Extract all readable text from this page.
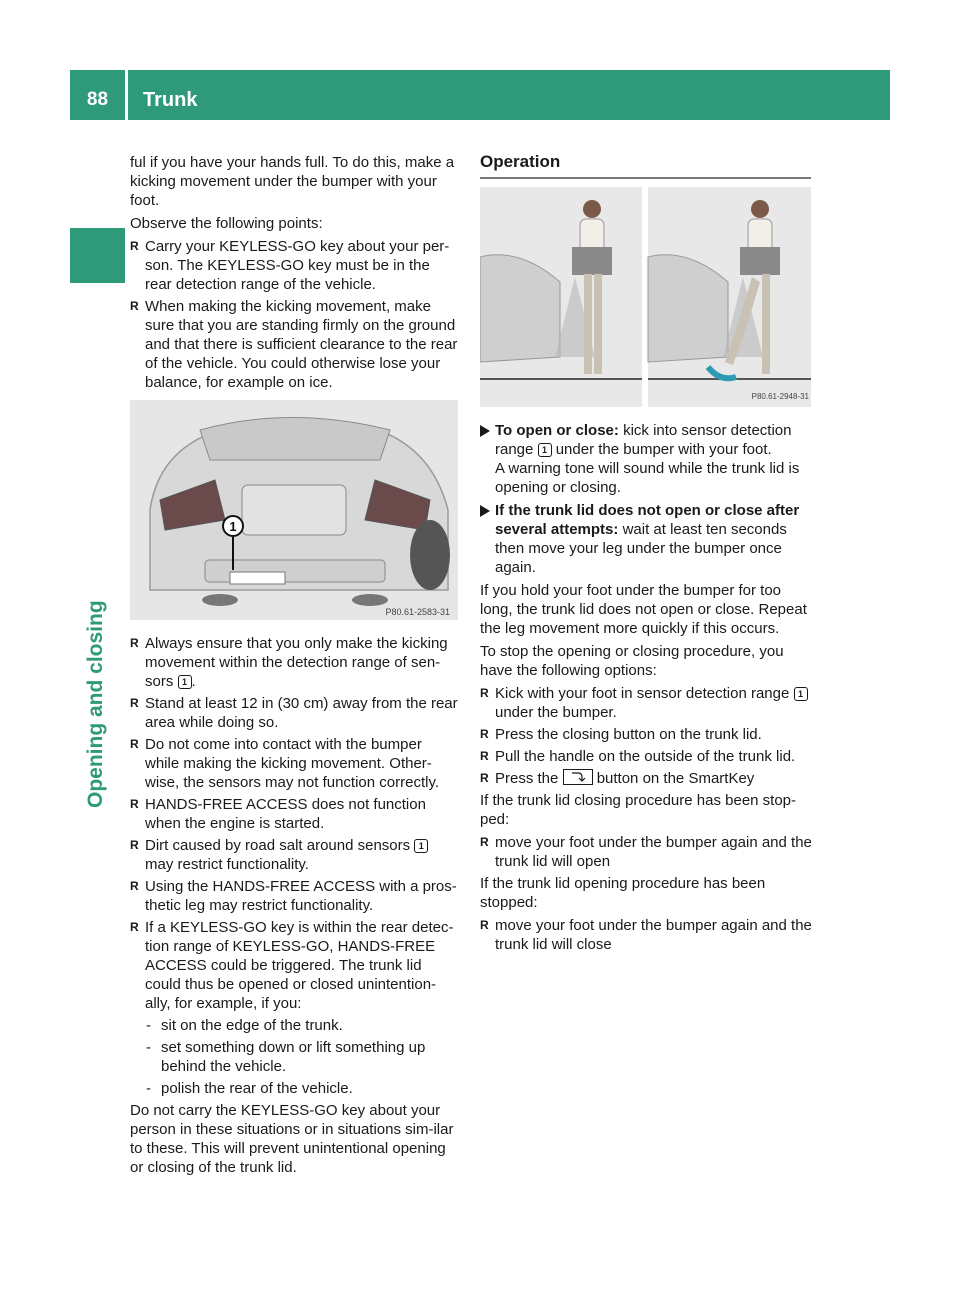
88	Trunk
Opening and closing

ful if you have your hands full. To do this, make a kicking movement under the bumper with your foot.

Observe the following points:

R Carry your KEYLESS-GO key about your per-son. The KEYLESS-GO key must be in the rear detection range of the vehicle.
R When making the kicking movement, make sure that you are standing firmly on the ground and that there is sufficient clearance to the rear of the vehicle. You could otherwise lose your balance, for example on ice.
1
P80.61-2583-31
R Always ensure that you only make the kicking movement within the detection range of sen-sors 1 .
R Stand at least 12 in (30 cm) away from the rear area while doing so.
R Do not come into contact with the bumper while making the kicking movement. Other-wise, the sensors may not function correctly.
R HANDS-FREE ACCESS does not function when the engine is started.
R Dirt caused by road salt around sensors 1 may restrict functionality.
R Using the HANDS-FREE ACCESS with a pros-thetic leg may restrict functionality.
R If a KEYLESS-GO key is within the rear detec-tion range of KEYLESS-GO, HANDS-FREE ACCESS could be triggered. The trunk lid could thus be opened or closed unintention-ally, for example, if you:
- sit on the edge of the trunk.
- set something down or lift something up behind the vehicle.
- polish the rear of the vehicle.

Do not carry the KEYLESS-GO key about your person in these situations or in situations sim-ilar to these. This will prevent unintentional opening or closing of the trunk lid.

Operation
P80.61-2948-31
To open or close: kick into sensor detection range 1 under the bumper with your foot.
A warning tone will sound while the trunk lid is opening or closing.
If the trunk lid does not open or close after several attempts: wait at least ten seconds then move your leg under the bumper once again.

If you hold your foot under the bumper for too long, the trunk lid does not open or close. Repeat the leg movement more quickly if this occurs.

To stop the opening or closing procedure, you have the following options:

R Kick with your foot in sensor detection range 1 under the bumper.
R Press the closing button on the trunk lid.
R Pull the handle on the outside of the trunk lid.
R Press the
button on the SmartKey

If the trunk lid closing procedure has been stop-ped:

R move your foot under the bumper again and the trunk lid will open

If the trunk lid opening procedure has been stopped:

R move your foot under the bumper again and the trunk lid will close
